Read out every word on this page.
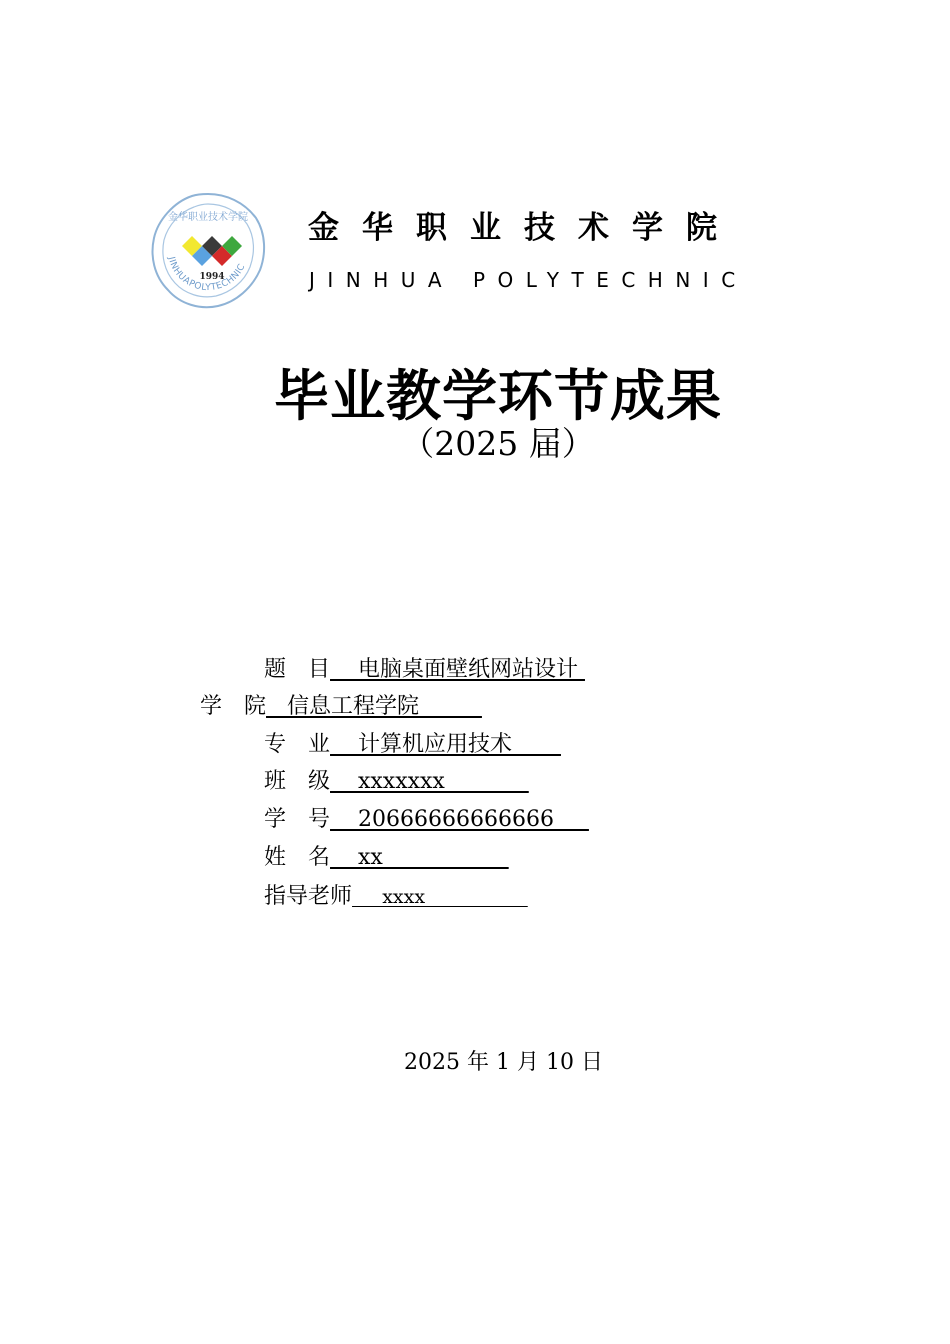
JINHUAPOLYTECHNIC
金华职业技术学院
1994
金华职业技术学院
JINHUA POLYTECHNIC
毕业教学环节成果
（2025 届）
题　目    电脑桌面壁纸网站设计
学　院   信息工程学院
专　业    计算机应用技术
班　级    xxxxxxx
学　号    20666666666666
姓　名    xx
指导老师     xxxx
2025 年 1 月 10 日
